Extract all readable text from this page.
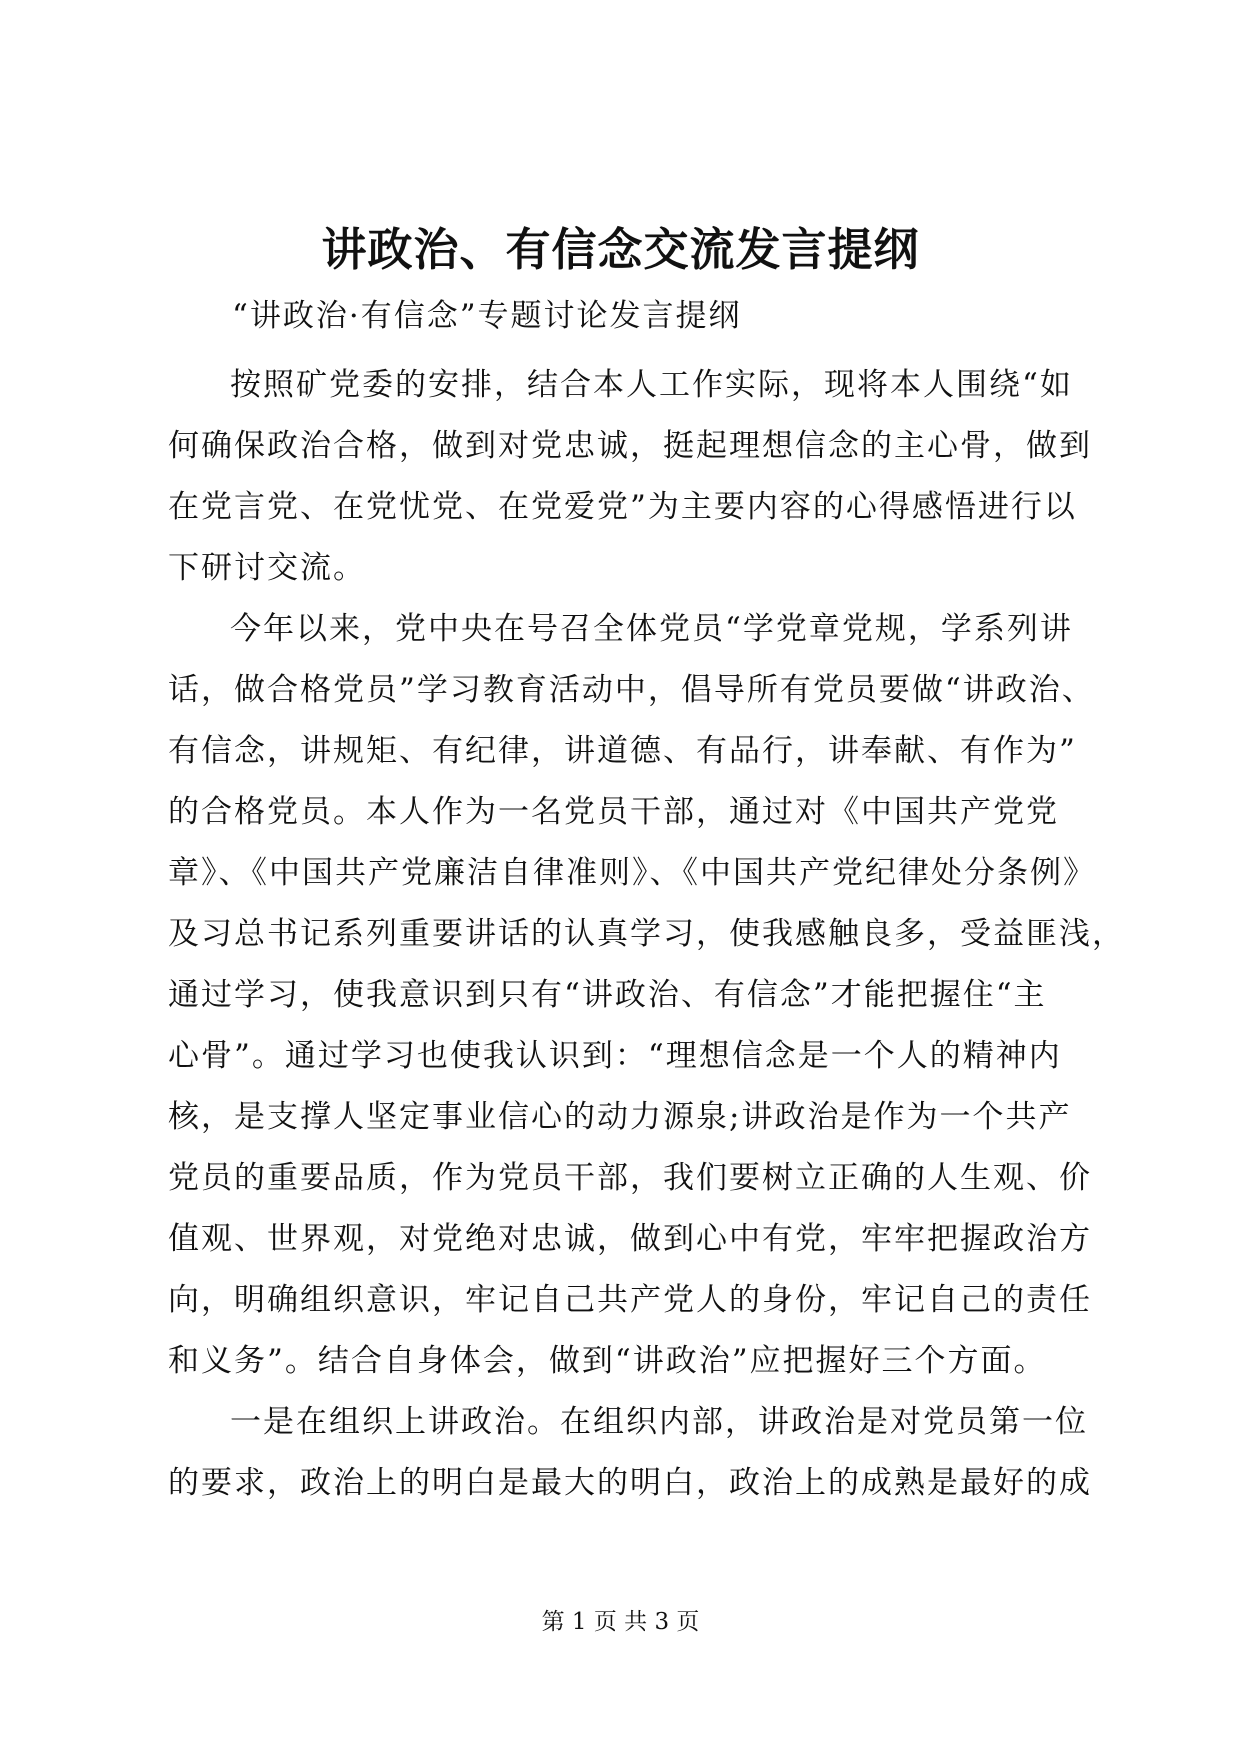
讲政治、有信念交流发言提纲
“讲政治·有信念”专题讨论发言提纲
按照矿党委的安排，结合本人工作实际，现将本人围绕“如
何确保政治合格，做到对党忠诚，挺起理想信念的主心骨，做到
在党言党、在党忧党、在党爱党”为主要内容的心得感悟进行以
下研讨交流。
今年以来，党中央在号召全体党员“学党章党规，学系列讲
话，做合格党员”学习教育活动中，倡导所有党员要做“讲政治、
有信念，讲规矩、有纪律，讲道德、有品行，讲奉献、有作为”
的合格党员。本人作为一名党员干部，通过对《中国共产党党
章》、《中国共产党廉洁自律准则》、《中国共产党纪律处分条例》
及习总书记系列重要讲话的认真学习，使我感触良多，受益匪浅，
通过学习，使我意识到只有“讲政治、有信念”才能把握住“主
心骨”。通过学习也使我认识到：“理想信念是一个人的精神内
核，是支撑人坚定事业信心的动力源泉;讲政治是作为一个共产
党员的重要品质，作为党员干部，我们要树立正确的人生观、价
值观、世界观，对党绝对忠诚，做到心中有党，牢牢把握政治方
向，明确组织意识，牢记自己共产党人的身份，牢记自己的责任
和义务”。结合自身体会，做到“讲政治”应把握好三个方面。
一是在组织上讲政治。在组织内部，讲政治是对党员第一位
的要求，政治上的明白是最大的明白，政治上的成熟是最好的成
第 1 页 共 3 页
